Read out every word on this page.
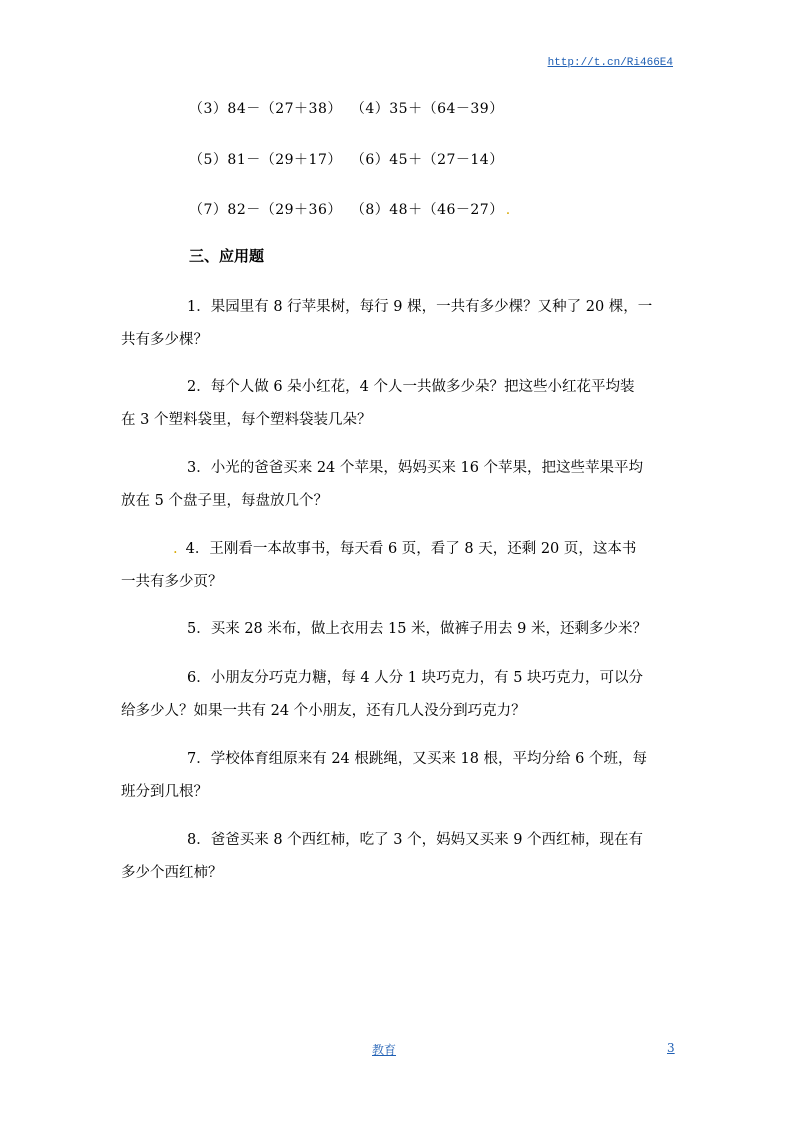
http://t.cn/Ri466E4
（3）84－（27＋38） （4）35＋（64－39）
（5）81－（29＋17） （6）45＋（27－14）
（7）82－（29＋36） （8）48＋（46－27） .
三、应用题
1．果园里有 8 行苹果树，每行 9 棵，一共有多少棵？又种了 20 棵，一
共有多少棵？
2．每个人做 6 朵小红花，4 个人一共做多少朵？把这些小红花平均装
在 3 个塑料袋里，每个塑料袋装几朵？
3．小光的爸爸买来 24 个苹果，妈妈买来 16 个苹果，把这些苹果平均
放在 5 个盘子里，每盘放几个？
. 4．王刚看一本故事书，每天看 6 页，看了 8 天，还剩 20 页，这本书
一共有多少页？
5．买来 28 米布，做上衣用去 15 米，做裤子用去 9 米，还剩多少米？
6．小朋友分巧克力糖，每 4 人分 1 块巧克力，有 5 块巧克力，可以分
给多少人？如果一共有 24 个小朋友，还有几人没分到巧克力？
7．学校体育组原来有 24 根跳绳，又买来 18 根，平均分给 6 个班，每
班分到几根？
8．爸爸买来 8 个西红柿，吃了 3 个，妈妈又买来 9 个西红柿，现在有
多少个西红柿？
教育	3
